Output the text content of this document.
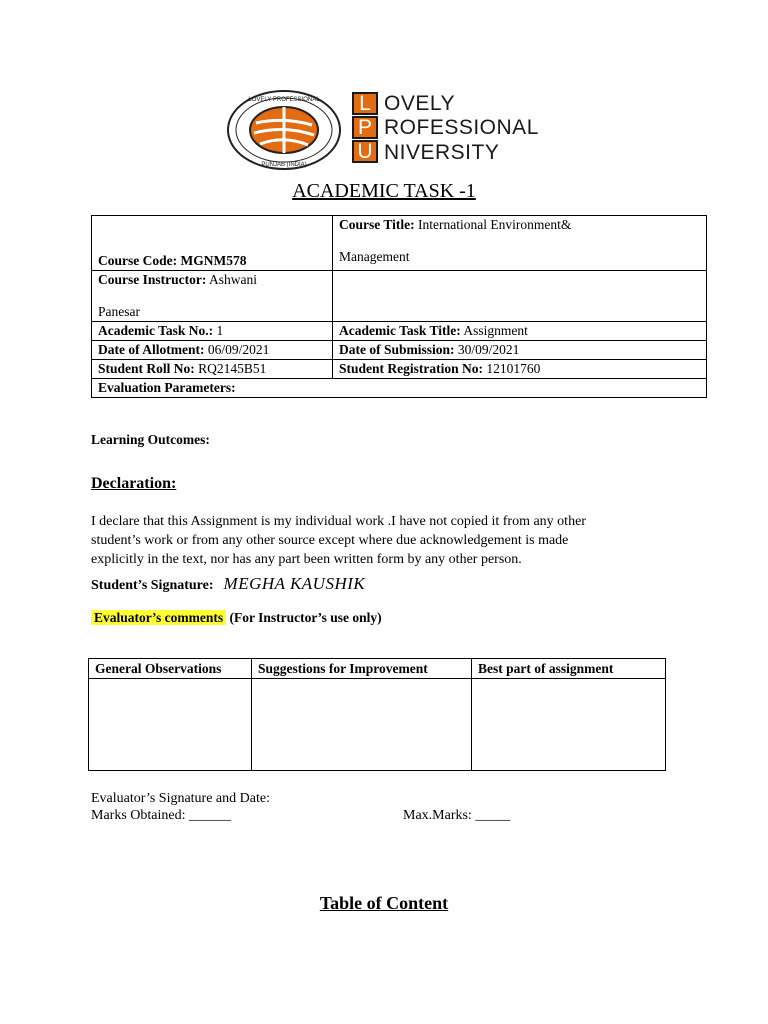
LOVELY PROFESSIONAL
PUNJAB (INDIA)
L
P
U
OVELY
ROFESSIONAL
NIVERSITY
ACADEMIC TASK -1
Course Code: MGNM578	Course Title: International Environment&
Management

Course Instructor: Ashwani
Panesar	

Academic Task No.: 1	Academic Task Title: Assignment
Date of Allotment: 06/09/2021	Date of Submission: 30/09/2021
Student Roll No: RQ2145B51	Student Registration No: 12101760
Evaluation Parameters:	
Learning Outcomes:
Declaration:
I declare that this Assignment is my individual work .I have not copied it from any other
student’s work or from any other source except where due acknowledgement is made
explicitly in the text, nor has any part been written form by any other person.
Student’s Signature: MEGHA KAUSHIK
Evaluator’s comments (For Instructor’s use only)
General Observations	Suggestions for Improvement	Best part of assignment

Evaluator’s Signature and Date:
Marks Obtained: ______	Max.Marks: _____
Table of Content
